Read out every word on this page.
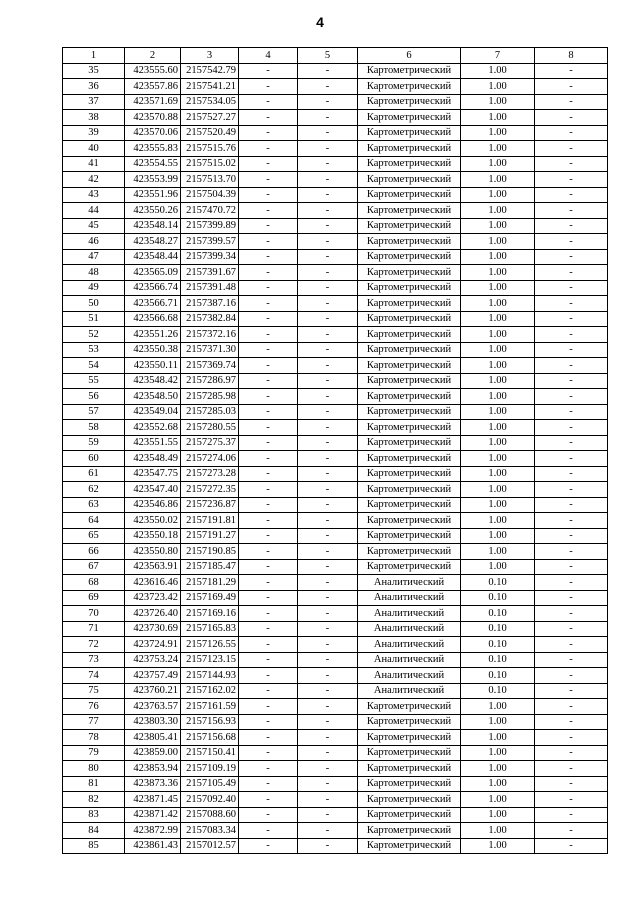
4
1	2	3	4	5	6	7	8
35	423555.60	2157542.79	-	-	Картометрический	1.00	-
36	423557.86	2157541.21	-	-	Картометрический	1.00	-
37	423571.69	2157534.05	-	-	Картометрический	1.00	-
38	423570.88	2157527.27	-	-	Картометрический	1.00	-
39	423570.06	2157520.49	-	-	Картометрический	1.00	-
40	423555.83	2157515.76	-	-	Картометрический	1.00	-
41	423554.55	2157515.02	-	-	Картометрический	1.00	-
42	423553.99	2157513.70	-	-	Картометрический	1.00	-
43	423551.96	2157504.39	-	-	Картометрический	1.00	-
44	423550.26	2157470.72	-	-	Картометрический	1.00	-
45	423548.14	2157399.89	-	-	Картометрический	1.00	-
46	423548.27	2157399.57	-	-	Картометрический	1.00	-
47	423548.44	2157399.34	-	-	Картометрический	1.00	-
48	423565.09	2157391.67	-	-	Картометрический	1.00	-
49	423566.74	2157391.48	-	-	Картометрический	1.00	-
50	423566.71	2157387.16	-	-	Картометрический	1.00	-
51	423566.68	2157382.84	-	-	Картометрический	1.00	-
52	423551.26	2157372.16	-	-	Картометрический	1.00	-
53	423550.38	2157371.30	-	-	Картометрический	1.00	-
54	423550.11	2157369.74	-	-	Картометрический	1.00	-
55	423548.42	2157286.97	-	-	Картометрический	1.00	-
56	423548.50	2157285.98	-	-	Картометрический	1.00	-
57	423549.04	2157285.03	-	-	Картометрический	1.00	-
58	423552.68	2157280.55	-	-	Картометрический	1.00	-
59	423551.55	2157275.37	-	-	Картометрический	1.00	-
60	423548.49	2157274.06	-	-	Картометрический	1.00	-
61	423547.75	2157273.28	-	-	Картометрический	1.00	-
62	423547.40	2157272.35	-	-	Картометрический	1.00	-
63	423546.86	2157236.87	-	-	Картометрический	1.00	-
64	423550.02	2157191.81	-	-	Картометрический	1.00	-
65	423550.18	2157191.27	-	-	Картометрический	1.00	-
66	423550.80	2157190.85	-	-	Картометрический	1.00	-
67	423563.91	2157185.47	-	-	Картометрический	1.00	-
68	423616.46	2157181.29	-	-	Аналитический	0.10	-
69	423723.42	2157169.49	-	-	Аналитический	0.10	-
70	423726.40	2157169.16	-	-	Аналитический	0.10	-
71	423730.69	2157165.83	-	-	Аналитический	0.10	-
72	423724.91	2157126.55	-	-	Аналитический	0.10	-
73	423753.24	2157123.15	-	-	Аналитический	0.10	-
74	423757.49	2157144.93	-	-	Аналитический	0.10	-
75	423760.21	2157162.02	-	-	Аналитический	0.10	-
76	423763.57	2157161.59	-	-	Картометрический	1.00	-
77	423803.30	2157156.93	-	-	Картометрический	1.00	-
78	423805.41	2157156.68	-	-	Картометрический	1.00	-
79	423859.00	2157150.41	-	-	Картометрический	1.00	-
80	423853.94	2157109.19	-	-	Картометрический	1.00	-
81	423873.36	2157105.49	-	-	Картометрический	1.00	-
82	423871.45	2157092.40	-	-	Картометрический	1.00	-
83	423871.42	2157088.60	-	-	Картометрический	1.00	-
84	423872.99	2157083.34	-	-	Картометрический	1.00	-
85	423861.43	2157012.57	-	-	Картометрический	1.00	-
